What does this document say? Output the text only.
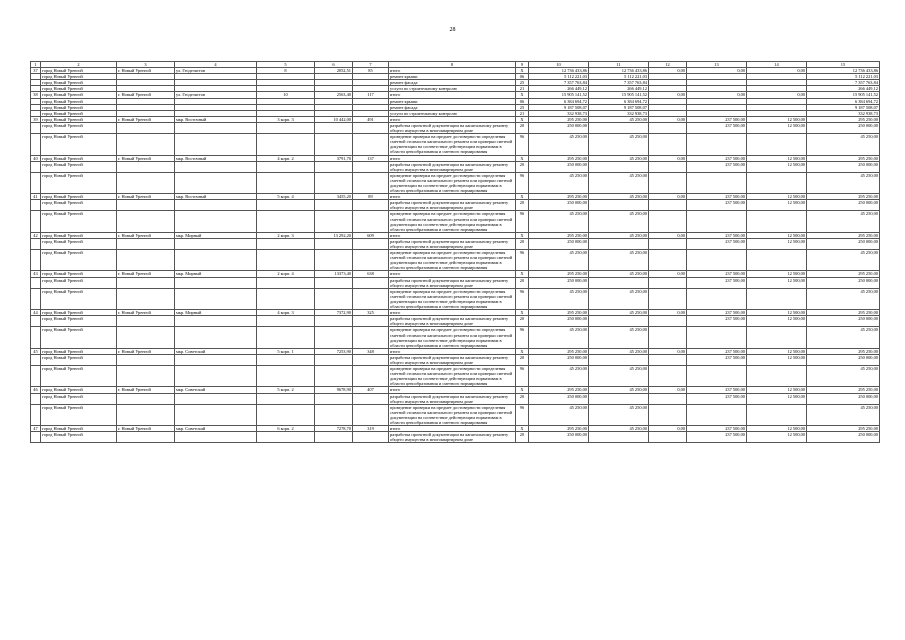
28
1	2	3	4	5	6	7	8	9	10	11	12	13	14	15
37	город Новый Уренгой	г. Новый Уренгой	ул. Геодезистов	8	2052,51	85	итого	X	12 736 433,86	12 736 433,86	0,00	0,00	0,00	12 736 433,86
	город Новый Уренгой						ремонт крыши	06	5 112 221,03	5 112 221,03				5 112 221,03
	город Новый Уренгой						ремонт фасада	25	7 357 763,84	7 357 763,84				7 357 763,84
	город Новый Уренгой						услуги по строительному контролю	21	266 449,12	266 449,12				266 449,12
38	город Новый Уренгой	г. Новый Уренгой	ул. Геодезистов	10	2563,40	117	итого	X	15 905 141,52	15 905 141,52	0,00	0,00	0,00	15 905 141,52
	город Новый Уренгой						ремонт крыши	06	6 384 694,72	6 384 694,72				6 384 694,72
	город Новый Уренгой						ремонт фасада	25	9 187 508,07	9 187 508,07				9 187 508,07
	город Новый Уренгой						услуги по строительному контролю	21	332 938,73	332 938,73				332 938,73
39	город Новый Уренгой	г. Новый Уренгой	мкр. Восточный	3 корп. 3	10 442,00	491	итого	X	295 250,00	45 250,00	0,00	237 500,00	12 500,00	295 250,00
	город Новый Уренгой						разработка проектной документации на капитальному ремонту общего имущества в многоквартирном доме	20	250 000,00			237 500,00	12 500,00	250 000,00
	город Новый Уренгой						проведение проверки на предмет достоверности определения сметной стоимости капитального ремонта или проверки сметной документации на соответствие действующим нормативам в области ценообразования и сметного нормирования	96	45 250,00	45 250,00				45 250,00
40	город Новый Уренгой	г. Новый Уренгой	мкр. Восточный	4 корп. 2	3791,70	137	итого	X	295 250,00	45 250,00	0,00	237 500,00	12 500,00	295 250,00
	город Новый Уренгой						разработка проектной документации на капитальному ремонту общего имущества в многоквартирном доме	20	250 000,00			237 500,00	12 500,00	250 000,00
	город Новый Уренгой						проведение проверки на предмет достоверности определения сметной стоимости капитального ремонта или проверки сметной документации на соответствие действующим нормативам в области ценообразования и сметного нормирования	96	45 250,00	45 250,00				45 250,00
41	город Новый Уренгой	г. Новый Уренгой	мкр. Восточный	5 корп. 4	3455,20	89	итого	X	295 250,00	45 250,00	0,00	237 500,00	12 500,00	295 250,00
	город Новый Уренгой						разработка проектной документации на капитальному ремонту общего имущества в многоквартирном доме	20	250 000,00			237 500,00	12 500,00	250 000,00
	город Новый Уренгой						проведение проверки на предмет достоверности определения сметной стоимости капитального ремонта или проверки сметной документации на соответствие действующим нормативам в области ценообразования и сметного нормирования	96	45 250,00	45 250,00				45 250,00
42	город Новый Уренгой	г. Новый Уренгой	мкр. Мирный	2 корп. 3	13 292,20	609	итого	X	295 250,00	45 250,00	0,00	237 500,00	12 500,00	295 250,00
	город Новый Уренгой						разработка проектной документации на капитальному ремонту общего имущества в многоквартирном доме	20	250 000,00			237 500,00	12 500,00	250 000,00
	город Новый Уренгой						проведение проверки на предмет достоверности определения сметной стоимости капитального ремонта или проверки сметной документации на соответствие действующим нормативам в области ценообразования и сметного нормирования	96	45 250,00	45 250,00				45 250,00
43	город Новый Уренгой	г. Новый Уренгой	мкр. Мирный	2 корп. 4	13373,40	638	итого	X	295 250,00	45 250,00	0,00	237 500,00	12 500,00	295 250,00
	город Новый Уренгой						разработка проектной документации на капитальному ремонту общего имущества в многоквартирном доме	20	250 000,00			237 500,00	12 500,00	250 000,00
	город Новый Уренгой						проведение проверки на предмет достоверности определения сметной стоимости капитального ремонта или проверки сметной документации на соответствие действующим нормативам в области ценообразования и сметного нормирования	96	45 250,00	45 250,00				45 250,00
44	город Новый Уренгой	г. Новый Уренгой	мкр. Мирный	4 корп. 3	7372,90	325	итого	X	295 250,00	45 250,00	0,00	237 500,00	12 500,00	295 250,00
	город Новый Уренгой						разработка проектной документации на капитальному ремонту общего имущества в многоквартирном доме	20	250 000,00			237 500,00	12 500,00	250 000,00
	город Новый Уренгой						проведение проверки на предмет достоверности определения сметной стоимости капитального ремонта или проверки сметной документации на соответствие действующим нормативам в области ценообразования и сметного нормирования	96	45 250,00	45 250,00				45 250,00
45	город Новый Уренгой	г. Новый Уренгой	мкр. Советский	5 корп. 1	7253,90	348	итого	X	295 250,00	45 250,00	0,00	237 500,00	12 500,00	295 250,00
	город Новый Уренгой						разработка проектной документации на капитальному ремонту общего имущества в многоквартирном доме	20	250 000,00			237 500,00	12 500,00	250 000,00
	город Новый Уренгой						проведение проверки на предмет достоверности определения сметной стоимости капитального ремонта или проверки сметной документации на соответствие действующим нормативам в области ценообразования и сметного нормирования	96	45 250,00	45 250,00				45 250,00
46	город Новый Уренгой	г. Новый Уренгой	мкр. Советский	5 корп. 2	9678,90	407	итого	X	295 250,00	45 250,00	0,00	237 500,00	12 500,00	295 250,00
	город Новый Уренгой						разработка проектной документации на капитальному ремонту общего имущества в многоквартирном доме	20	250 000,00			237 500,00	12 500,00	250 000,00
	город Новый Уренгой						проведение проверки на предмет достоверности определения сметной стоимости капитального ремонта или проверки сметной документации на соответствие действующим нормативам в области ценообразования и сметного нормирования	96	45 250,00	45 250,00				45 250,00
47	город Новый Уренгой	г. Новый Уренгой	мкр. Советский	6 корп. 2	7278,70	319	итого	X	295 250,00	45 250,00	0,00	237 500,00	12 500,00	295 250,00
	город Новый Уренгой						разработка проектной документации на капитальному ремонту общего имущества в многоквартирном доме	20	250 000,00			237 500,00	12 500,00	250 000,00
